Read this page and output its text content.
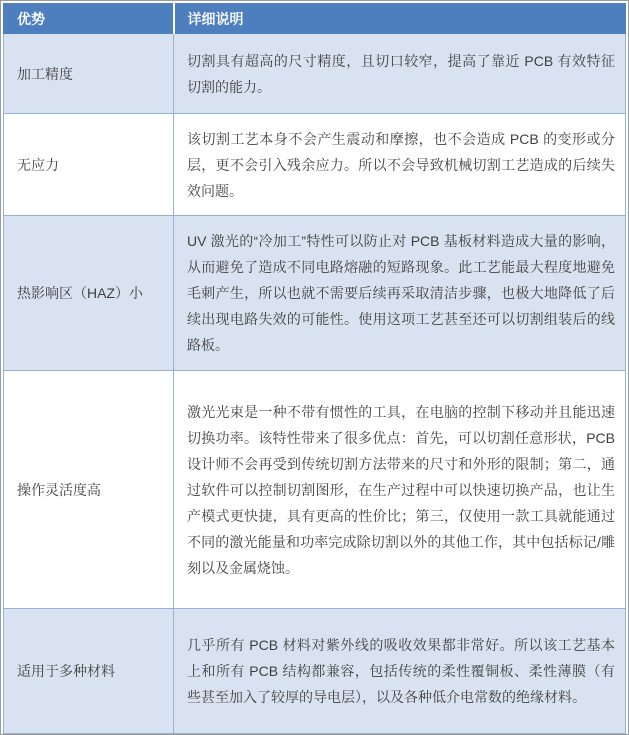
优势	详细说明
加工精度	切割具有超高的尺寸精度，且切口较窄，提高了靠近 PCB 有效特征切割的能力。
无应力	该切割工艺本身不会产生震动和摩擦，也不会造成 PCB 的变形或分层，更不会引入残余应力。所以不会导致机械切割工艺造成的后续失效问题。
热影响区（HAZ）小	UV 激光的“冷加工”特性可以防止对 PCB 基板材料造成大量的影响，从而避免了造成不同电路熔融的短路现象。此工艺能最大程度地避免毛刺产生，所以也就不需要后续再采取清洁步骤，也极大地降低了后续出现电路失效的可能性。使用这项工艺甚至还可以切割组装后的线路板。
操作灵活度高	激光光束是一种不带有惯性的工具，在电脑的控制下移动并且能迅速切换功率。该特性带来了很多优点：首先，可以切割任意形状，PCB 设计师不会再受到传统切割方法带来的尺寸和外形的限制；第二，通过软件可以控制切割图形，在生产过程中可以快速切换产品，也让生产模式更快捷，具有更高的性价比；第三，仅使用一款工具就能通过不同的激光能量和功率完成除切割以外的其他工作，其中包括标记/雕刻以及金属烧蚀。
适用于多种材料	几乎所有 PCB 材料对紫外线的吸收效果都非常好。所以该工艺基本上和所有 PCB 结构都兼容，包括传统的柔性覆铜板、柔性薄膜（有些甚至加入了较厚的导电层），以及各种低介电常数的绝缘材料。
